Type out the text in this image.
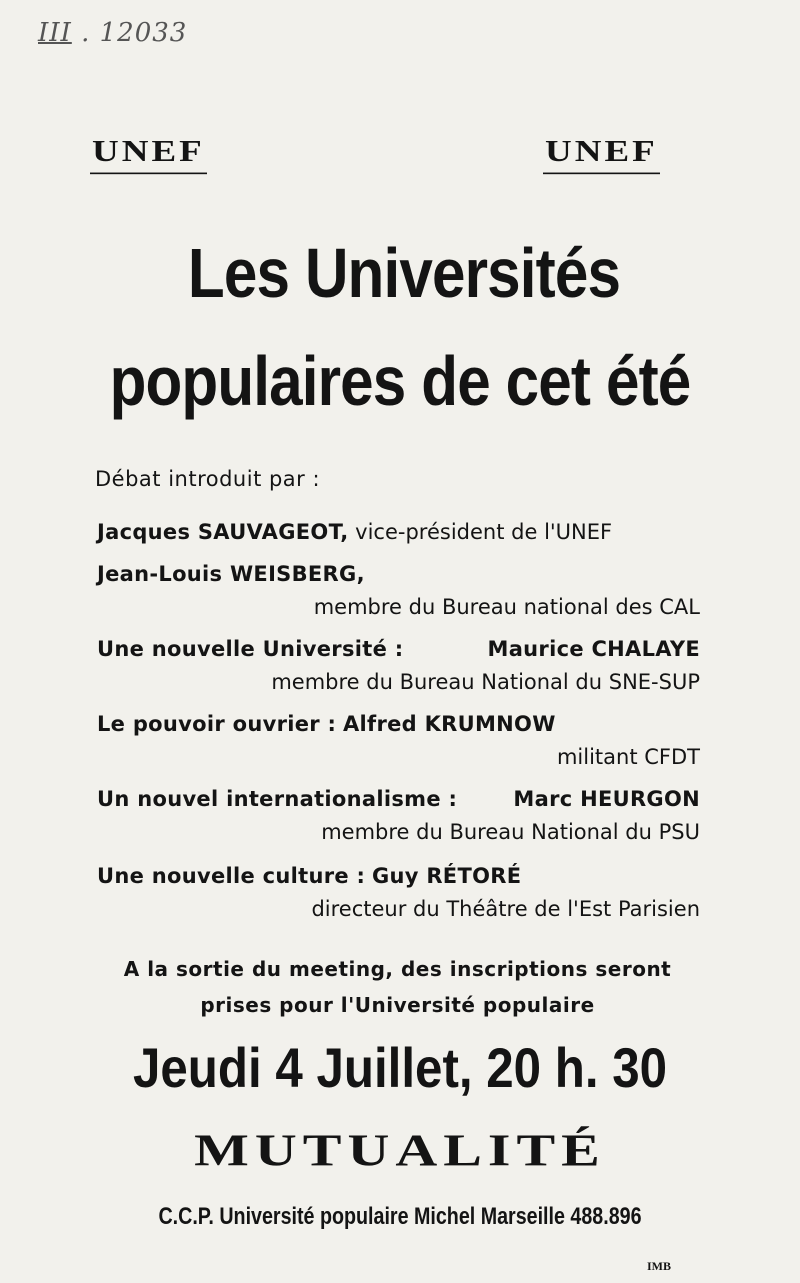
III . 12033
UNEF	UNEF
Les Universités
populaires de cet été
Débat introduit par :
Jacques SAUVAGEOT, vice-président de l'UNEF
Jean-Louis WEISBERG,
membre du Bureau national des CAL
Une nouvelle Université :	Maurice CHALAYE
membre du Bureau National du SNE-SUP
Le pouvoir ouvrier : Alfred KRUMNOW
militant CFDT
Un nouvel internationalisme :	Marc HEURGON
membre du Bureau National du PSU
Une nouvelle culture : Guy RÉTORÉ
directeur du Théâtre de l'Est Parisien
A la sortie du meeting, des inscriptions seront
prises pour l'Université populaire
Jeudi 4 Juillet, 20 h. 30
MUTUALITÉ
C.C.P. Université populaire Michel Marseille 488.896
IMB
